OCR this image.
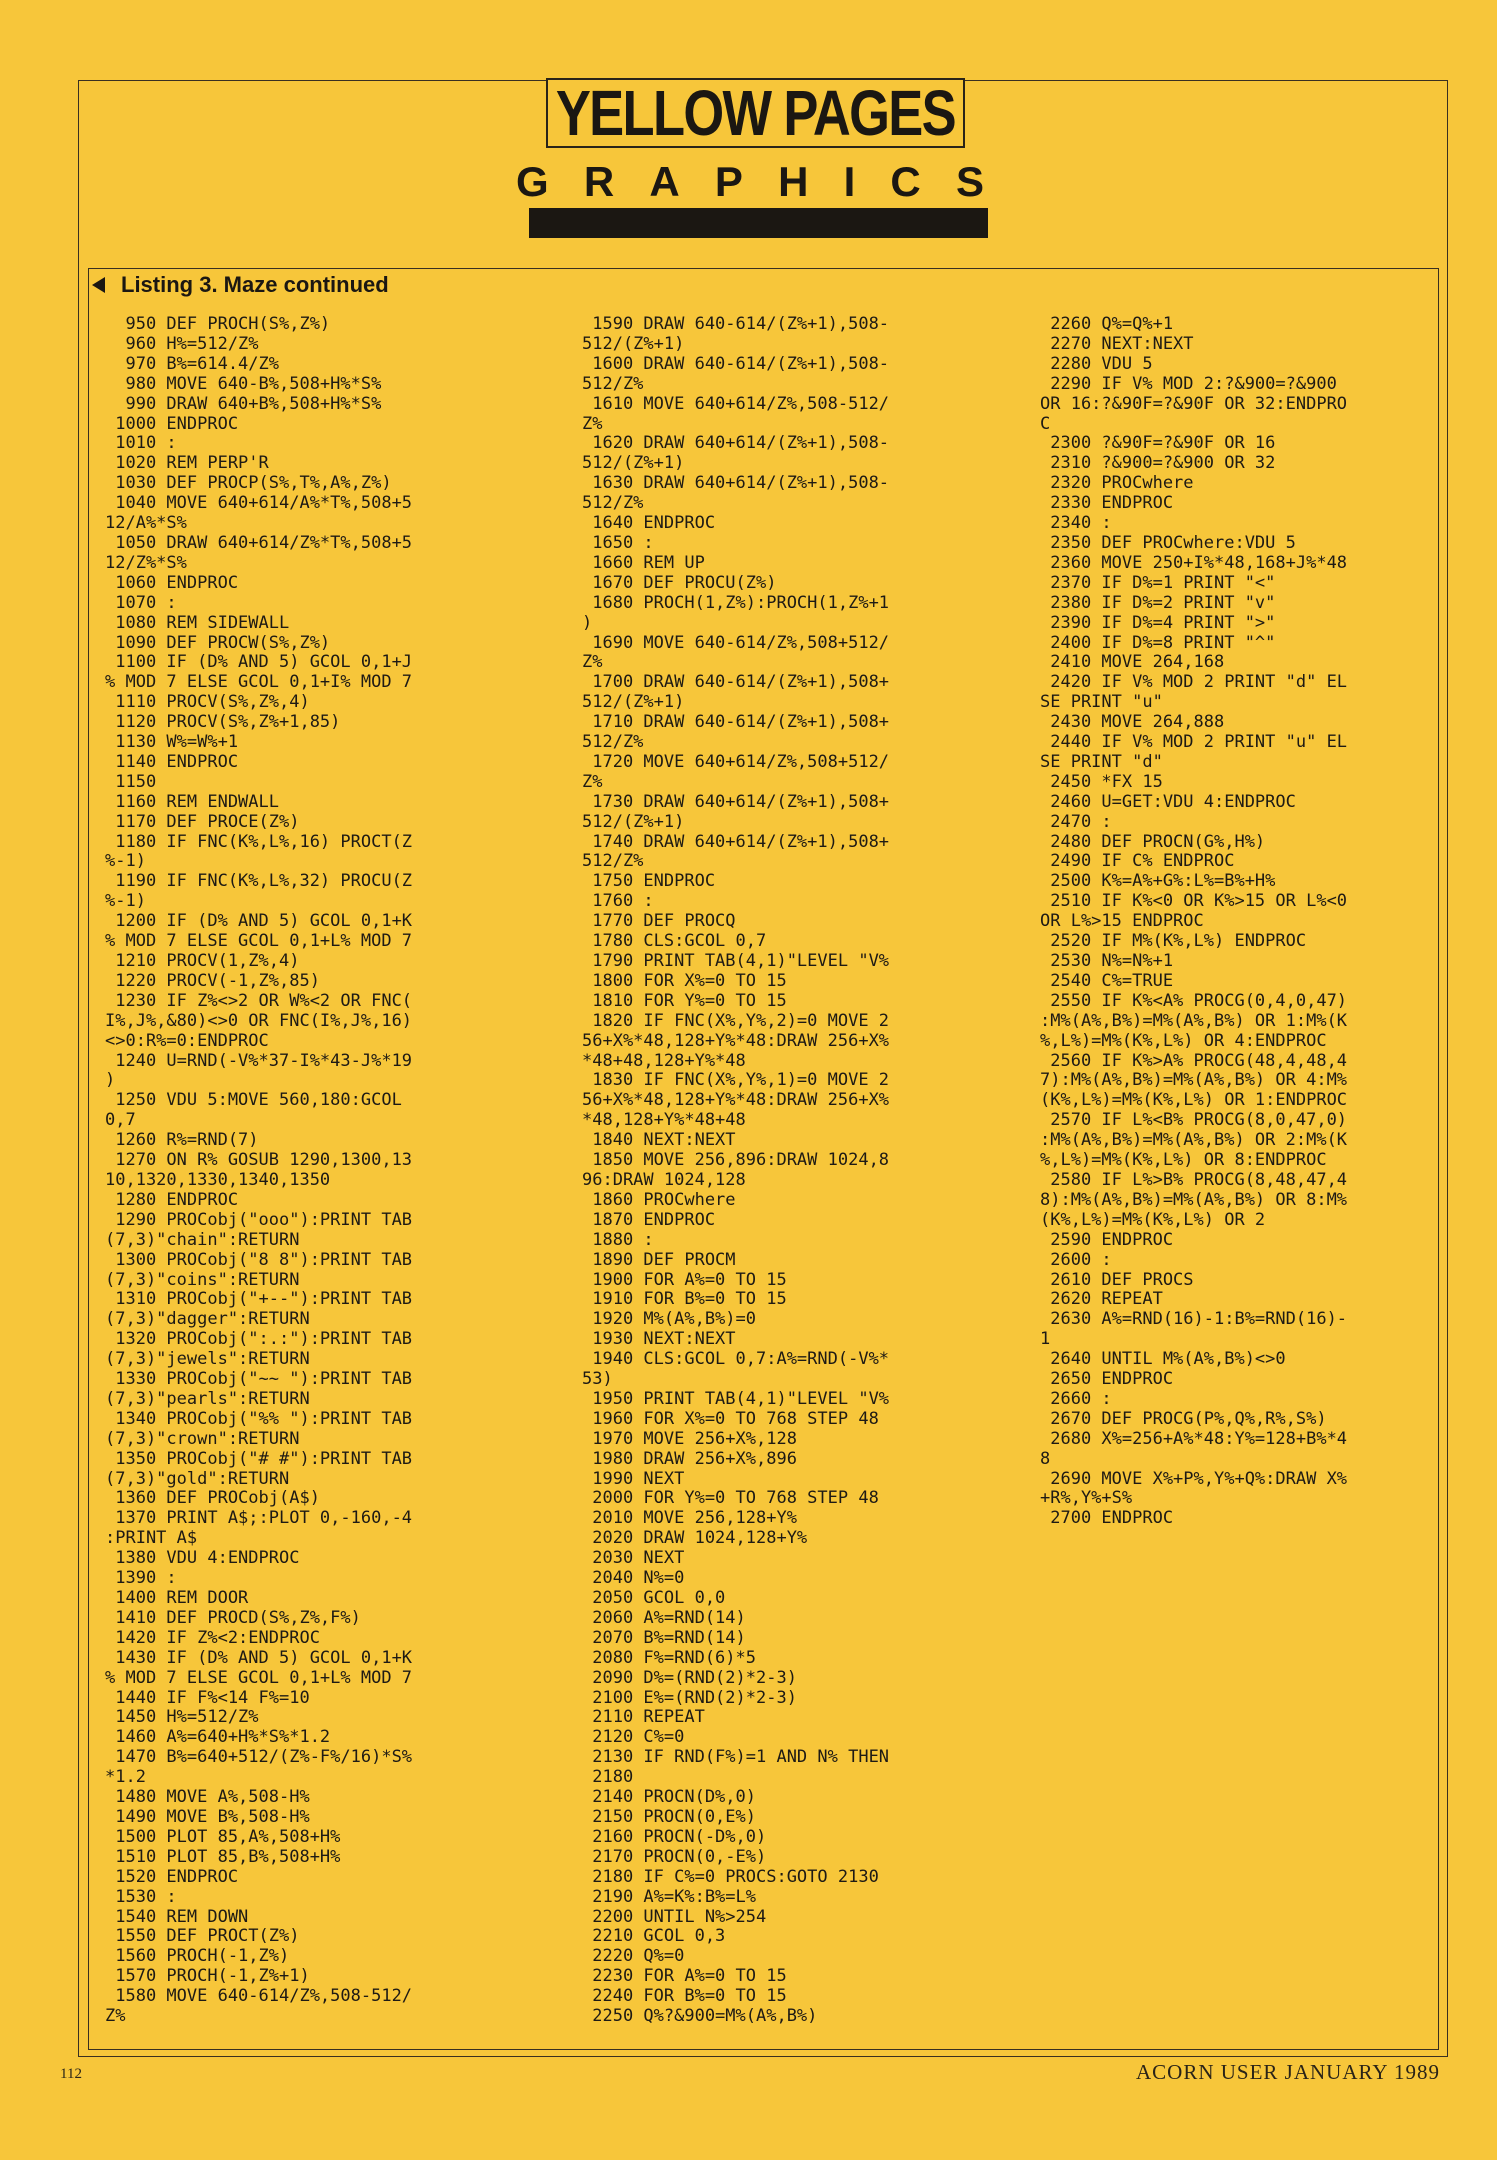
YELLOW PAGES
G R A P H I C S
Listing 3. Maze continued
950 DEF PROCH(S%,Z%)
960 H%=512/Z%
970 B%=614.4/Z%
980 MOVE 640-B%,508+H%*S%
990 DRAW 640+B%,508+H%*S%
1000 ENDPROC
1010 :
1020 REM PERP'R
1030 DEF PROCP(S%,T%,A%,Z%)
1040 MOVE 640+614/A%*T%,508+5
12/A%*S%
1050 DRAW 640+614/Z%*T%,508+5
12/Z%*S%
1060 ENDPROC
1070 :
1080 REM SIDEWALL
1090 DEF PROCW(S%,Z%)
1100 IF (D% AND 5) GCOL 0,1+J
% MOD 7 ELSE GCOL 0,1+I% MOD 7
1110 PROCV(S%,Z%,4)
1120 PROCV(S%,Z%+1,85)
1130 W%=W%+1
1140 ENDPROC
1150
1160 REM ENDWALL
1170 DEF PROCE(Z%)
1180 IF FNC(K%,L%,16) PROCT(Z
%-1)
1190 IF FNC(K%,L%,32) PROCU(Z
%-1)
1200 IF (D% AND 5) GCOL 0,1+K
% MOD 7 ELSE GCOL 0,1+L% MOD 7
1210 PROCV(1,Z%,4)
1220 PROCV(-1,Z%,85)
1230 IF Z%<>2 OR W%<2 OR FNC(
I%,J%,&80)<>0 OR FNC(I%,J%,16)
<>0:R%=0:ENDPROC
1240 U=RND(-V%*37-I%*43-J%*19
)
1250 VDU 5:MOVE 560,180:GCOL
0,7
1260 R%=RND(7)
1270 ON R% GOSUB 1290,1300,13
10,1320,1330,1340,1350
1280 ENDPROC
1290 PROCobj("ooo"):PRINT TAB
(7,3)"chain":RETURN
1300 PROCobj("8 8"):PRINT TAB
(7,3)"coins":RETURN
1310 PROCobj("+--"):PRINT TAB
(7,3)"dagger":RETURN
1320 PROCobj(":.:"):PRINT TAB
(7,3)"jewels":RETURN
1330 PROCobj("~~ "):PRINT TAB
(7,3)"pearls":RETURN
1340 PROCobj("%% "):PRINT TAB
(7,3)"crown":RETURN
1350 PROCobj("# #"):PRINT TAB
(7,3)"gold":RETURN
1360 DEF PROCobj(A$)
1370 PRINT A$;:PLOT 0,-160,-4
:PRINT A$
1380 VDU 4:ENDPROC
1390 :
1400 REM DOOR
1410 DEF PROCD(S%,Z%,F%)
1420 IF Z%<2:ENDPROC
1430 IF (D% AND 5) GCOL 0,1+K
% MOD 7 ELSE GCOL 0,1+L% MOD 7
1440 IF F%<14 F%=10
1450 H%=512/Z%
1460 A%=640+H%*S%*1.2
1470 B%=640+512/(Z%-F%/16)*S%
*1.2
1480 MOVE A%,508-H%
1490 MOVE B%,508-H%
1500 PLOT 85,A%,508+H%
1510 PLOT 85,B%,508+H%
1520 ENDPROC
1530 :
1540 REM DOWN
1550 DEF PROCT(Z%)
1560 PROCH(-1,Z%)
1570 PROCH(-1,Z%+1)
1580 MOVE 640-614/Z%,508-512/
Z%
1590 DRAW 640-614/(Z%+1),508-
512/(Z%+1)
1600 DRAW 640-614/(Z%+1),508-
512/Z%
1610 MOVE 640+614/Z%,508-512/
Z%
1620 DRAW 640+614/(Z%+1),508-
512/(Z%+1)
1630 DRAW 640+614/(Z%+1),508-
512/Z%
1640 ENDPROC
1650 :
1660 REM UP
1670 DEF PROCU(Z%)
1680 PROCH(1,Z%):PROCH(1,Z%+1
)
1690 MOVE 640-614/Z%,508+512/
Z%
1700 DRAW 640-614/(Z%+1),508+
512/(Z%+1)
1710 DRAW 640-614/(Z%+1),508+
512/Z%
1720 MOVE 640+614/Z%,508+512/
Z%
1730 DRAW 640+614/(Z%+1),508+
512/(Z%+1)
1740 DRAW 640+614/(Z%+1),508+
512/Z%
1750 ENDPROC
1760 :
1770 DEF PROCQ
1780 CLS:GCOL 0,7
1790 PRINT TAB(4,1)"LEVEL "V%
1800 FOR X%=0 TO 15
1810 FOR Y%=0 TO 15
1820 IF FNC(X%,Y%,2)=0 MOVE 2
56+X%*48,128+Y%*48:DRAW 256+X%
*48+48,128+Y%*48
1830 IF FNC(X%,Y%,1)=0 MOVE 2
56+X%*48,128+Y%*48:DRAW 256+X%
*48,128+Y%*48+48
1840 NEXT:NEXT
1850 MOVE 256,896:DRAW 1024,8
96:DRAW 1024,128
1860 PROCwhere
1870 ENDPROC
1880 :
1890 DEF PROCM
1900 FOR A%=0 TO 15
1910 FOR B%=0 TO 15
1920 M%(A%,B%)=0
1930 NEXT:NEXT
1940 CLS:GCOL 0,7:A%=RND(-V%*
53)
1950 PRINT TAB(4,1)"LEVEL "V%
1960 FOR X%=0 TO 768 STEP 48
1970 MOVE 256+X%,128
1980 DRAW 256+X%,896
1990 NEXT
2000 FOR Y%=0 TO 768 STEP 48
2010 MOVE 256,128+Y%
2020 DRAW 1024,128+Y%
2030 NEXT
2040 N%=0
2050 GCOL 0,0
2060 A%=RND(14)
2070 B%=RND(14)
2080 F%=RND(6)*5
2090 D%=(RND(2)*2-3)
2100 E%=(RND(2)*2-3)
2110 REPEAT
2120 C%=0
2130 IF RND(F%)=1 AND N% THEN
2180
2140 PROCN(D%,0)
2150 PROCN(0,E%)
2160 PROCN(-D%,0)
2170 PROCN(0,-E%)
2180 IF C%=0 PROCS:GOTO 2130
2190 A%=K%:B%=L%
2200 UNTIL N%>254
2210 GCOL 0,3
2220 Q%=0
2230 FOR A%=0 TO 15
2240 FOR B%=0 TO 15
2250 Q%?&900=M%(A%,B%)
2260 Q%=Q%+1
2270 NEXT:NEXT
2280 VDU 5
2290 IF V% MOD 2:?&900=?&900
OR 16:?&90F=?&90F OR 32:ENDPRO
C
2300 ?&90F=?&90F OR 16
2310 ?&900=?&900 OR 32
2320 PROCwhere
2330 ENDPROC
2340 :
2350 DEF PROCwhere:VDU 5
2360 MOVE 250+I%*48,168+J%*48
2370 IF D%=1 PRINT "<"
2380 IF D%=2 PRINT "v"
2390 IF D%=4 PRINT ">"
2400 IF D%=8 PRINT "^"
2410 MOVE 264,168
2420 IF V% MOD 2 PRINT "d" EL
SE PRINT "u"
2430 MOVE 264,888
2440 IF V% MOD 2 PRINT "u" EL
SE PRINT "d"
2450 *FX 15
2460 U=GET:VDU 4:ENDPROC
2470 :
2480 DEF PROCN(G%,H%)
2490 IF C% ENDPROC
2500 K%=A%+G%:L%=B%+H%
2510 IF K%<0 OR K%>15 OR L%<0
OR L%>15 ENDPROC
2520 IF M%(K%,L%) ENDPROC
2530 N%=N%+1
2540 C%=TRUE
2550 IF K%<A% PROCG(0,4,0,47)
:M%(A%,B%)=M%(A%,B%) OR 1:M%(K
%,L%)=M%(K%,L%) OR 4:ENDPROC
2560 IF K%>A% PROCG(48,4,48,4
7):M%(A%,B%)=M%(A%,B%) OR 4:M%
(K%,L%)=M%(K%,L%) OR 1:ENDPROC
2570 IF L%<B% PROCG(8,0,47,0)
:M%(A%,B%)=M%(A%,B%) OR 2:M%(K
%,L%)=M%(K%,L%) OR 8:ENDPROC
2580 IF L%>B% PROCG(8,48,47,4
8):M%(A%,B%)=M%(A%,B%) OR 8:M%
(K%,L%)=M%(K%,L%) OR 2
2590 ENDPROC
2600 :
2610 DEF PROCS
2620 REPEAT
2630 A%=RND(16)-1:B%=RND(16)-
1
2640 UNTIL M%(A%,B%)<>0
2650 ENDPROC
2660 :
2670 DEF PROCG(P%,Q%,R%,S%)
2680 X%=256+A%*48:Y%=128+B%*4
8
2690 MOVE X%+P%,Y%+Q%:DRAW X%
+R%,Y%+S%
2700 ENDPROC
112	ACORN USER JANUARY 1989
